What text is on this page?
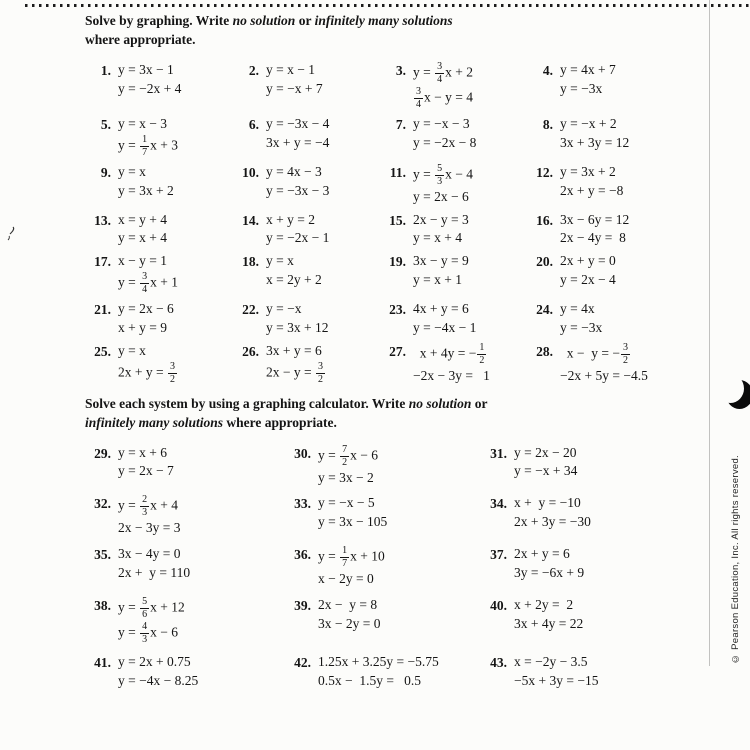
Solve by graphing. Write no solution or infinitely many solutions
where appropriate.
1. y = 3x − 1
y = −2x + 4
2. y = x − 1
y = −x + 7
3. $y = \frac{3}{4}$ x + 2
$\frac{3}{4}$ x − y = 4
4. y = 4x + 7
y = −3x
5. y = x − 3
$y = \frac{1}{7}$ x + 3
6. y = −3x − 4
3x + y = −4
7. y = −x − 3
y = −2x − 8
8. y = −x + 2
3x + 3y = 12
9. y = x
y = 3x + 2
10. y = 4x − 3
y = −3x − 3
11. $y = \frac{5}{3}$ x − 4
y = 2x − 6
12. y = 3x + 2
2x + y = −8
13. x = y + 4
y = x + 4
14. x + y = 2
y = −2x − 1
15. 2x − y = 3
y = x + 4
16. 3x − 6y = 12
2x − 4y =  8
17. x − y = 1
$y = \frac{3}{4}$ x + 1
18. y = x
x = 2y + 2
19. 3x − y = 9
y = x + 1
20. 2x + y = 0
y = 2x − 4
21. y = 2x − 6
x + y = 9
22. y = −x
y = 3x + 12
23. 4x + y = 6
y = −4x − 1
24. y = 4x
y = −3x
25. y = x
$2x + y = \frac{3}{2}$
26. 3x + y = 6
$2x - y = \frac{3}{2}$
27. x + 4y = − $\frac{1}{2}$
−2x − 3y =   1
28. x −  y = − $\frac{3}{2}$
−2x + 5y = −4.5
Solve each system by using a graphing calculator. Write no solution or
infinitely many solutions where appropriate.
29. y = x + 6
y = 2x − 7
30. $y = \frac{7}{2}$ x − 6
y = 3x − 2
31. y = 2x − 20
y = −x + 34
32. $y = \frac{2}{3}$ x + 4
2x − 3y = 3
33. y = −x − 5
y = 3x − 105
34. x +  y = −10
2x + 3y = −30
35. 3x − 4y = 0
2x +  y = 110
36. $y = \frac{1}{7}$ x + 10
x − 2y = 0
37. 2x + y = 6
3y = −6x + 9
38. $y = \frac{5}{6}$ x + 12
$y = \frac{4}{3}$ x − 6
39. 2x −  y = 8
3x − 2y = 0
40. x + 2y =  2
3x + 4y = 22
41. y = 2x + 0.75
y = −4x − 8.25
42. 1.25x + 3.25y = −5.75
0.5x −  1.5y =   0.5
43. x = −2y − 3.5
−5x + 3y = −15
© Pearson Education, Inc. All rights reserved.
